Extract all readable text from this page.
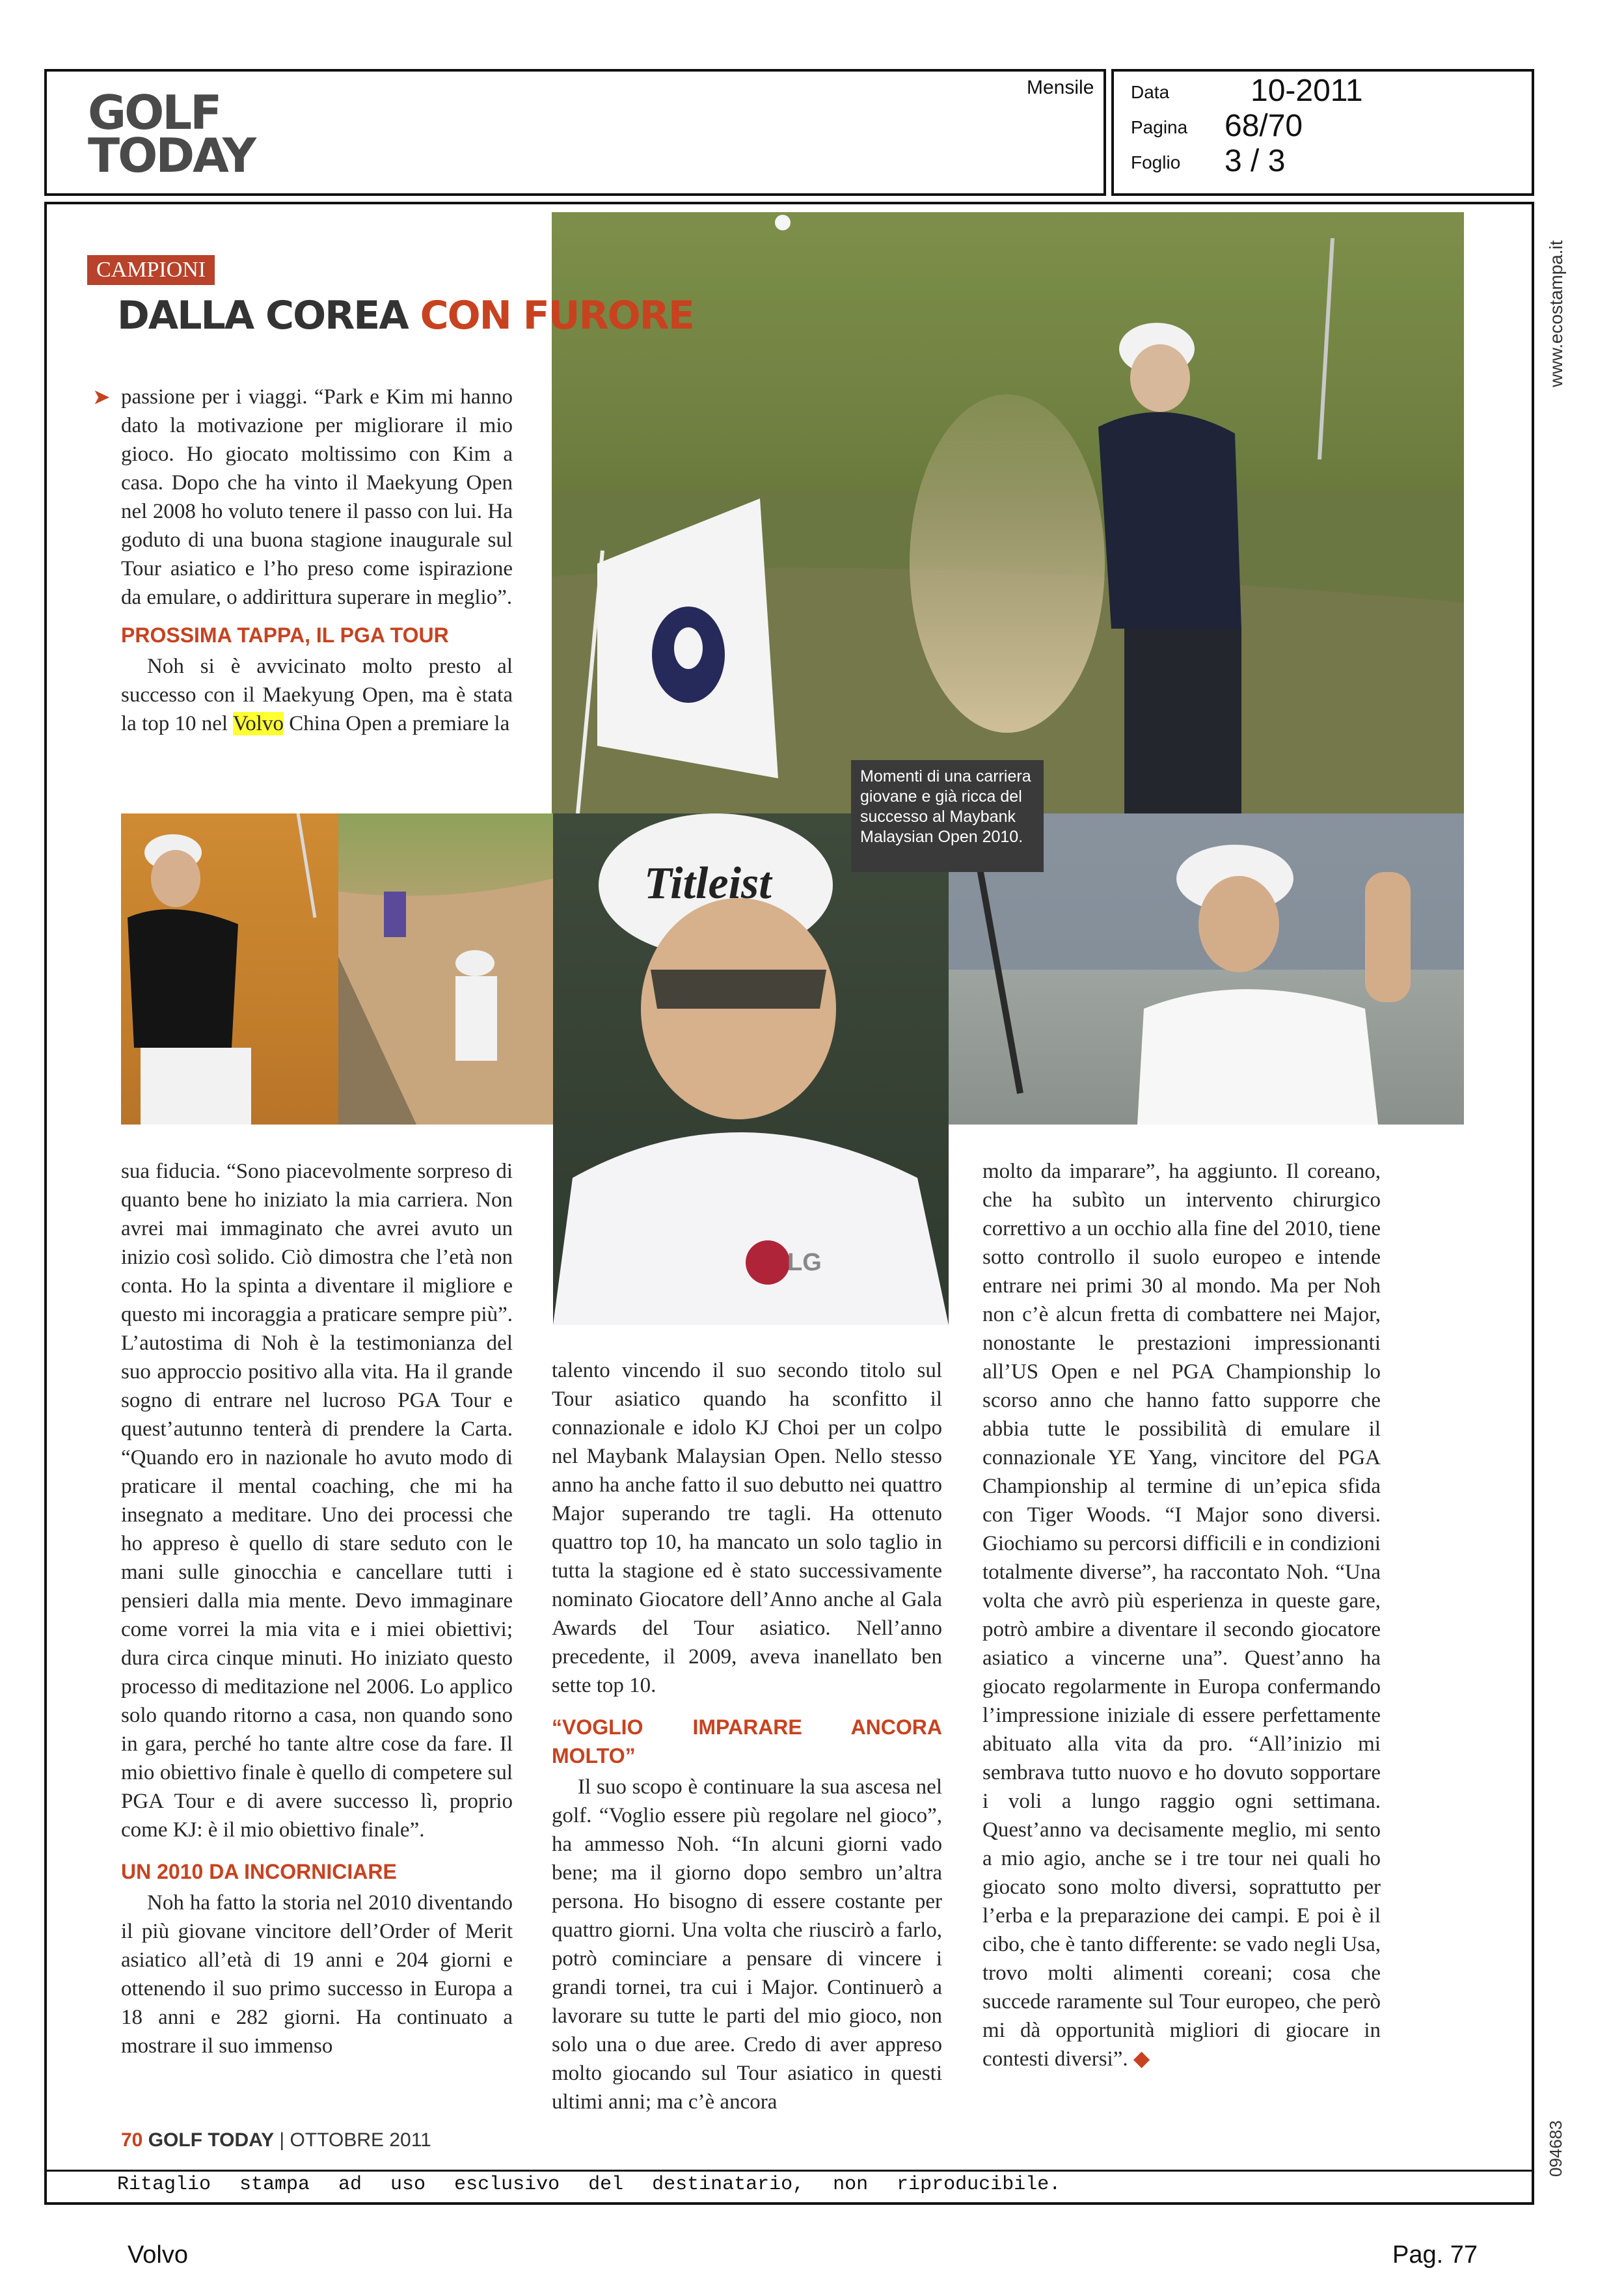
GOLF
TODAY
Mensile Data	10-2011
Pagina 68/70
Foglio 3 / 3
www.ecostampa.it
094683
Titleist
LG
Momenti di una carriera giovane e già ricca del successo al Maybank Malaysian Open 2010.
CAMPIONI
DALLA COREA CON FURORE

➤ passione per i viaggi. “Park e Kim mi hanno dato la motivazione per migliorare il mio gioco. Ho giocato moltissimo con Kim a casa. Dopo che ha vinto il Maekyung Open nel 2008 ho voluto tenere il passo con lui. Ha goduto di una buona stagione inaugurale sul Tour asiatico e l’ho preso come ispirazione da emulare, o addirittura superare in meglio”.

PROSSIMA TAPPA, IL PGA TOUR

Noh si è avvicinato molto presto al successo con il Maekyung Open, ma è stata la top 10 nel Volvo China Open a premiare la

sua fiducia. “Sono piacevolmente sorpreso di quanto bene ho iniziato la mia carriera. Non avrei mai immaginato che avrei avuto un inizio così solido. Ciò dimostra che l’età non conta. Ho la spinta a diventare il migliore e questo mi incoraggia a praticare sempre più”. L’autostima di Noh è la testimonianza del suo approccio positivo alla vita. Ha il grande sogno di entrare nel lucroso PGA Tour e quest’autunno tenterà di prendere la Carta. “Quando ero in nazionale ho avuto modo di praticare il mental coaching, che mi ha insegnato a meditare. Uno dei processi che ho appreso è quello di stare seduto con le mani sulle ginocchia e cancellare tutti i pensieri dalla mia mente. Devo immaginare come vorrei la mia vita e i miei obiettivi; dura circa cinque minuti. Ho iniziato questo processo di meditazione nel 2006. Lo applico solo quando ritorno a casa, non quando sono in gara, perché ho tante altre cose da fare. Il mio obiettivo finale è quello di competere sul PGA Tour e di avere successo lì, proprio come KJ: è il mio obiettivo finale”.

UN 2010 DA INCORNICIARE

Noh ha fatto la storia nel 2010 diventando il più giovane vincitore dell’Order of Merit asiatico all’età di 19 anni e 204 giorni e ottenendo il suo primo successo in Europa a 18 anni e 282 giorni. Ha continuato a mostrare il suo immenso

talento vincendo il suo secondo titolo sul Tour asiatico quando ha sconfitto il connazionale e idolo KJ Choi per un colpo nel Maybank Malaysian Open. Nello stesso anno ha anche fatto il suo debutto nei quattro Major superando tre tagli. Ha ottenuto quattro top 10, ha mancato un solo taglio in tutta la stagione ed è stato successivamente nominato Giocatore dell’Anno anche al Gala Awards del Tour asiatico. Nell’anno precedente, il 2009, aveva inanellato ben sette top 10.

“VOGLIO IMPARARE ANCORA MOLTO”

Il suo scopo è continuare la sua ascesa nel golf. “Voglio essere più regolare nel gioco”, ha ammesso Noh. “In alcuni giorni vado bene; ma il giorno dopo sembro un’altra persona. Ho bisogno di essere costante per quattro giorni. Una volta che riuscirò a farlo, potrò cominciare a pensare di vincere i grandi tornei, tra cui i Major. Continuerò a lavorare su tutte le parti del mio gioco, non solo una o due aree. Credo di aver appreso molto giocando sul Tour asiatico in questi ultimi anni; ma c’è ancora

molto da imparare”, ha aggiunto. Il coreano, che ha subìto un intervento chirurgico correttivo a un occhio alla fine del 2010, tiene sotto controllo il suolo europeo e intende entrare nei primi 30 al mondo. Ma per Noh non c’è alcun fretta di combattere nei Major, nonostante le prestazioni impressionanti all’US Open e nel PGA Championship lo scorso anno che hanno fatto supporre che abbia tutte le possibilità di emulare il connazionale YE Yang, vincitore del PGA Championship al termine di un’epica sfida con Tiger Woods. “I Major sono diversi. Giochiamo su percorsi difficili e in condizioni totalmente diverse”, ha raccontato Noh. “Una volta che avrò più esperienza in queste gare, potrò ambire a diventare il secondo giocatore asiatico a vincerne una”. Quest’anno ha giocato regolarmente in Europa confermando l’impressione iniziale di essere perfettamente abituato alla vita da pro. “All’inizio mi sembrava tutto nuovo e ho dovuto sopportare i voli a lungo raggio ogni settimana. Quest’anno va decisamente meglio, mi sento a mio agio, anche se i tre tour nei quali ho giocato sono molto diversi, soprattutto per l’erba e la preparazione dei campi. E poi è il cibo, che è tanto differente: se vado negli Usa, trovo molti alimenti coreani; cosa che succede raramente sul Tour europeo, che però mi dà opportunità migliori di giocare in contesti diversi”. ◆

70 GOLF TODAY | OTTOBRE 2011
Ritaglio stampa ad uso esclusivo del destinatario, non riproducibile.
Volvo	Pag. 77
